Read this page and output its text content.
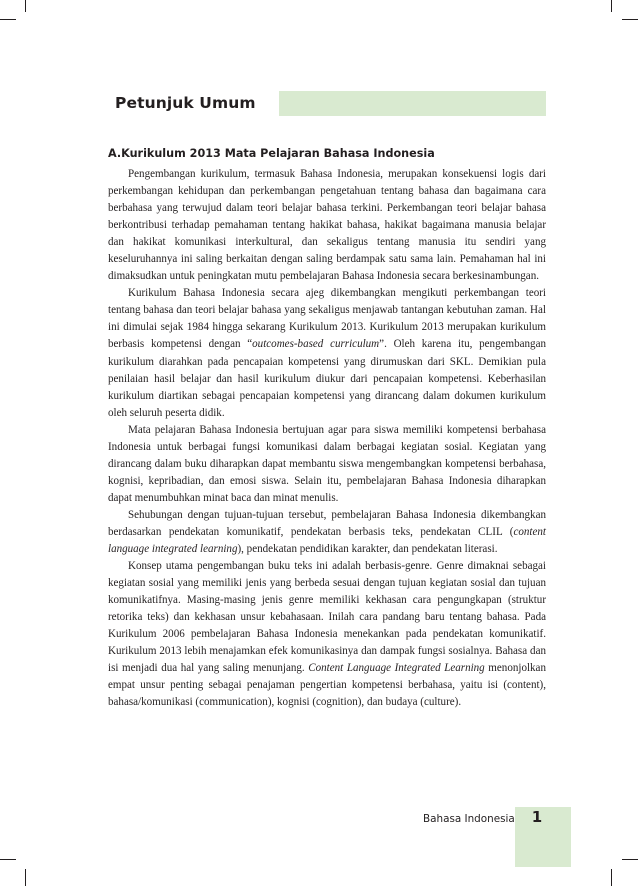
Petunjuk Umum
A.Kurikulum 2013 Mata Pelajaran Bahasa Indonesia

Pengembangan kurikulum, termasuk Bahasa Indonesia, merupakan konsekuensi logis dari perkembangan kehidupan dan perkembangan pengetahuan tentang bahasa dan bagaimana cara berbahasa yang terwujud dalam teori belajar bahasa terkini. Perkembangan teori belajar bahasa berkontribusi terhadap pemahaman tentang hakikat bahasa, hakikat bagaimana manusia belajar dan hakikat komunikasi interkultural, dan sekaligus tentang manusia itu sendiri yang keseluruhannya ini saling berkaitan dengan saling berdampak satu sama lain. Pemahaman hal ini dimaksudkan untuk peningkatan mutu pembelajaran Bahasa Indonesia secara berkesinambungan.

Kurikulum Bahasa Indonesia secara ajeg dikembangkan mengikuti perkembangan teori tentang bahasa dan teori belajar bahasa yang sekaligus menjawab tantangan kebutuhan zaman. Hal ini dimulai sejak 1984 hingga sekarang Kurikulum 2013. Kurikulum 2013 merupakan kurikulum berbasis kompetensi dengan “outcomes-based curriculum”. Oleh karena itu, pengembangan kurikulum diarahkan pada pencapaian kompetensi yang dirumuskan dari SKL. Demikian pula penilaian hasil belajar dan hasil kurikulum diukur dari pencapaian kompetensi. Keberhasilan kurikulum diartikan sebagai pencapaian kompetensi yang dirancang dalam dokumen kurikulum oleh seluruh peserta didik.

Mata pelajaran Bahasa Indonesia bertujuan agar para siswa memiliki kompetensi berbahasa Indonesia untuk berbagai fungsi komunikasi dalam berbagai kegiatan sosial. Kegiatan yang dirancang dalam buku diharapkan dapat membantu siswa mengembangkan kompetensi berbahasa, kognisi, kepribadian, dan emosi siswa. Selain itu, pembelajaran Bahasa Indonesia diharapkan dapat menumbuhkan minat baca dan minat menulis.

Sehubungan dengan tujuan-tujuan tersebut, pembelajaran Bahasa Indonesia dikembangkan berdasarkan pendekatan komunikatif, pendekatan berbasis teks, pendekatan CLIL (content language integrated learning), pendekatan pendidikan karakter, dan pendekatan literasi.

Konsep utama pengembangan buku teks ini adalah berbasis-genre. Genre dimaknai sebagai kegiatan sosial yang memiliki jenis yang berbeda sesuai dengan tujuan kegiatan sosial dan tujuan komunikatifnya. Masing-masing jenis genre memiliki kekhasan cara pengungkapan (struktur retorika teks) dan kekhasan unsur kebahasaan. Inilah cara pandang baru tentang bahasa. Pada Kurikulum 2006 pembelajaran Bahasa Indonesia menekankan pada pendekatan komunikatif. Kurikulum 2013 lebih menajamkan efek komunikasinya dan dampak fungsi sosialnya. Bahasa dan isi menjadi dua hal yang saling menunjang. Content Language Integrated Learning menonjolkan empat unsur penting sebagai penajaman pengertian kompetensi berbahasa, yaitu isi (content), bahasa/komunikasi (communication), kognisi (cognition), dan budaya (culture).

Bahasa Indonesia	1
